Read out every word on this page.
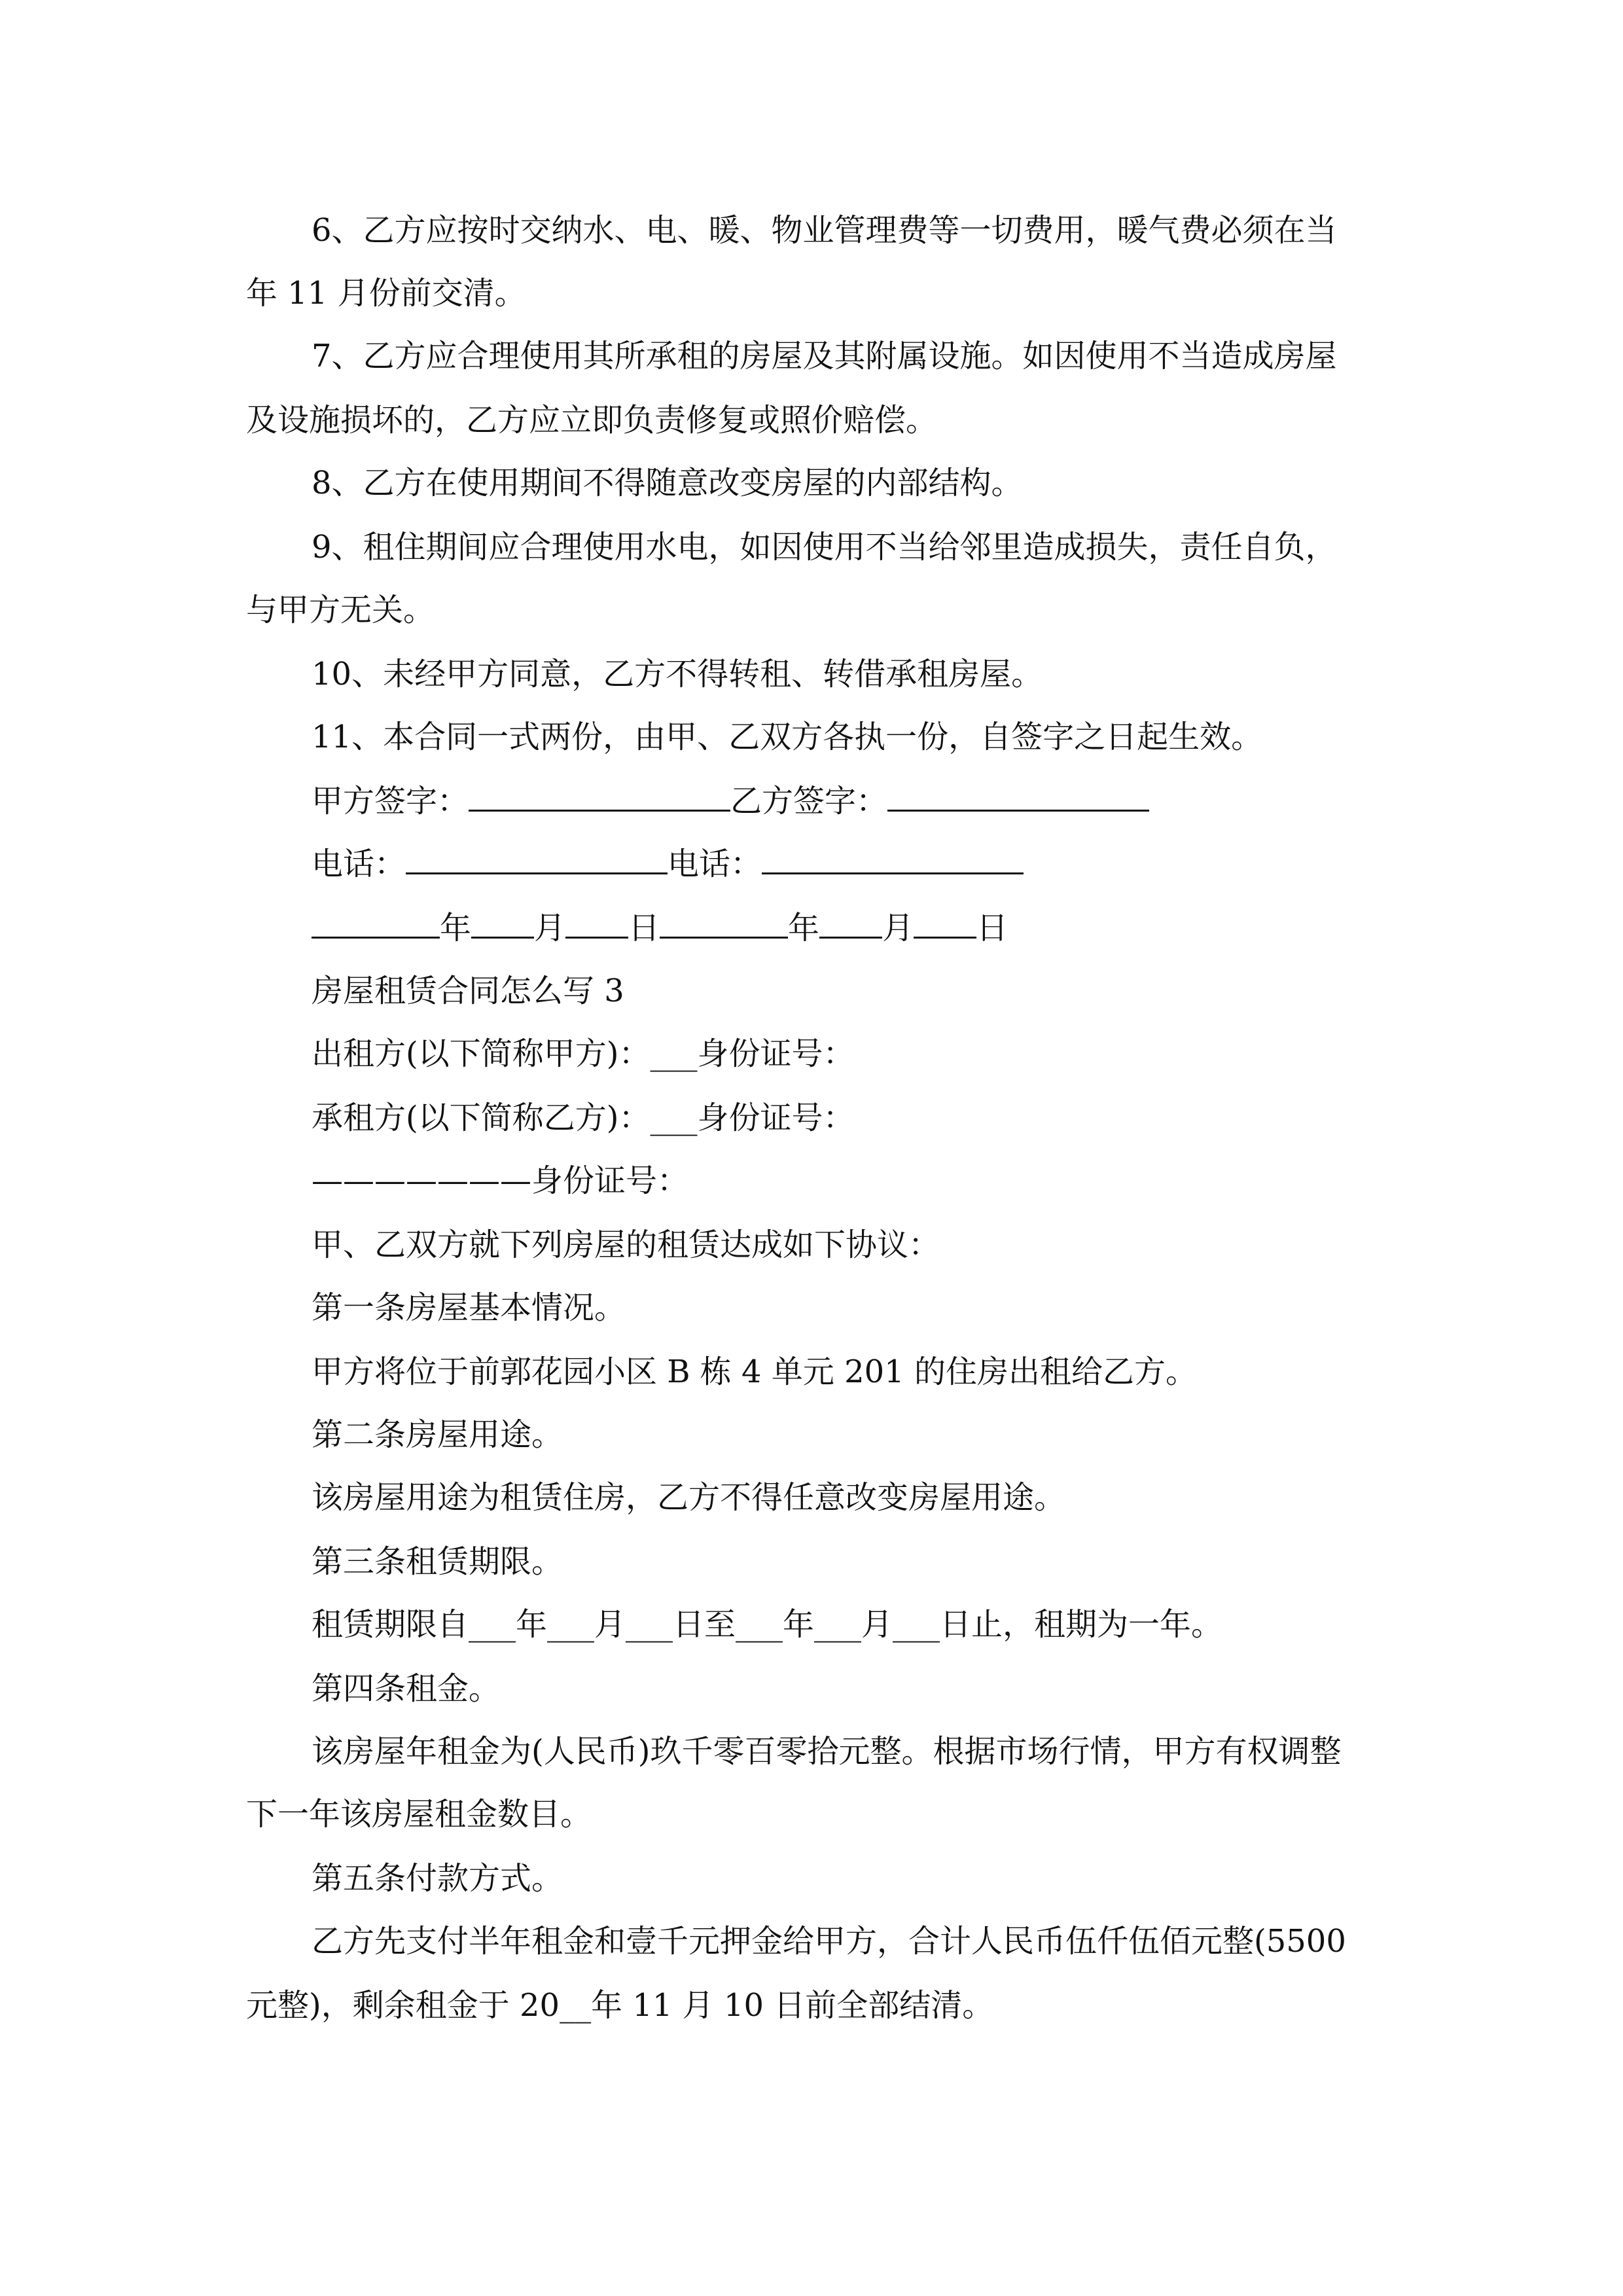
6、乙方应按时交纳水、电、暖、物业管理费等一切费用，暖气费必须在当
年 11 月份前交清。
7、乙方应合理使用其所承租的房屋及其附属设施。如因使用不当造成房屋
及设施损坏的，乙方应立即负责修复或照价赔偿。
8、乙方在使用期间不得随意改变房屋的内部结构。
9、租住期间应合理使用水电，如因使用不当给邻里造成损失，责任自负，
与甲方无关。
10、未经甲方同意，乙方不得转租、转借承租房屋。
11、本合同一式两份，由甲、乙双方各执一份，自签字之日起生效。
甲方签字：	乙方签字：
电话：	电话：
年 月 日	年 月 日
房屋租赁合同怎么写 3
出租方(以下简称甲方)：___身份证号：
承租方(以下简称乙方)：___身份证号：
———————身份证号：
甲、乙双方就下列房屋的租赁达成如下协议：
第一条房屋基本情况。
甲方将位于前郭花园小区 B 栋 4 单元 201 的住房出租给乙方。
第二条房屋用途。
该房屋用途为租赁住房，乙方不得任意改变房屋用途。
第三条租赁期限。
租赁期限自___年___月___日至___年___月___日止，租期为一年。
第四条租金。
该房屋年租金为(人民币)玖千零百零拾元整。根据市场行情，甲方有权调整
下一年该房屋租金数目。
第五条付款方式。
乙方先支付半年租金和壹千元押金给甲方，合计人民币伍仟伍佰元整(5500
元整)，剩余租金于 20__年 11 月 10 日前全部结清。
